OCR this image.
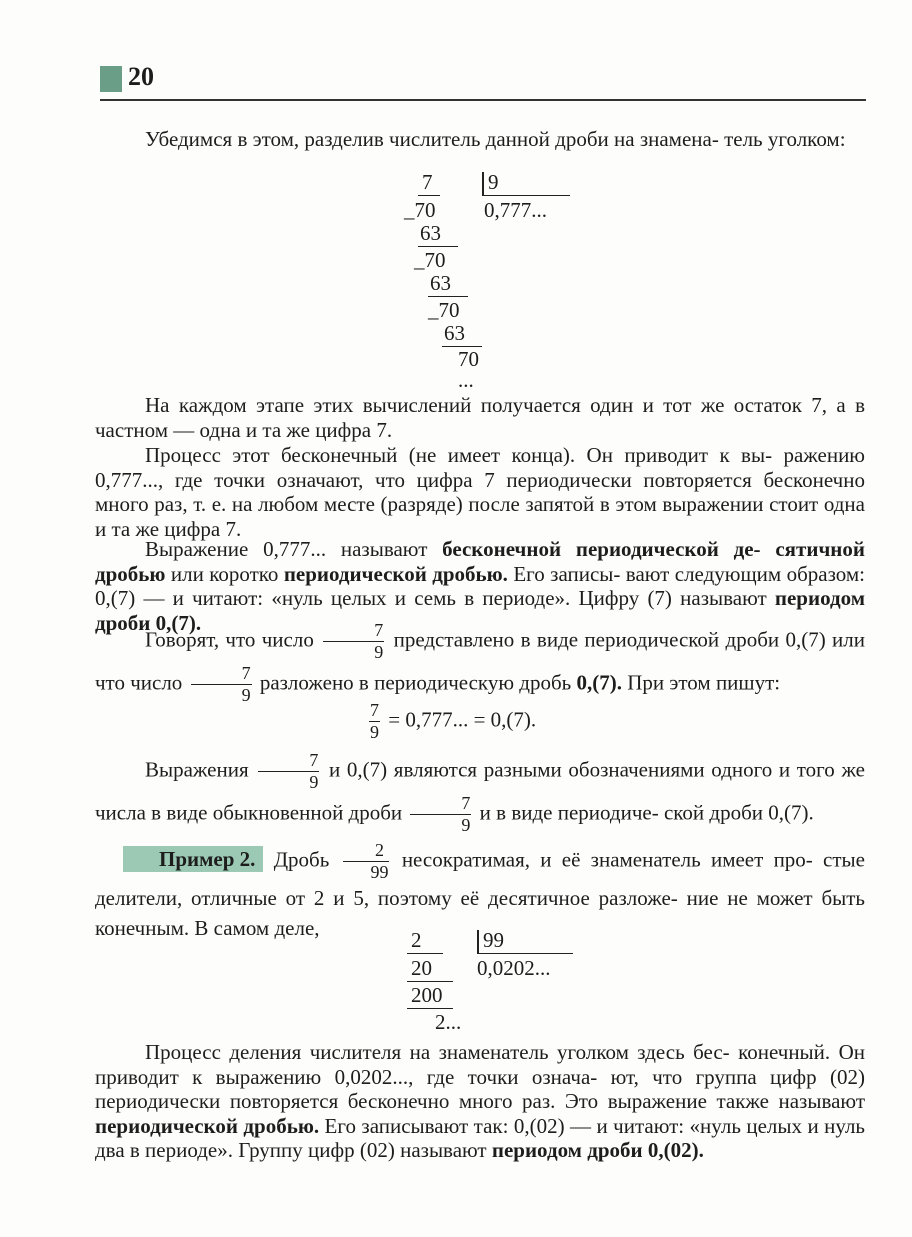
20
Убедимся в этом, разделив числитель данной дроби на знамена- тель уголком:
7	9
0,777...
_70
63
_70
63
_70
63
70
...
На каждом этапе этих вычислений получается один и тот же остаток 7, а в частном — одна и та же цифра 7.
Процесс этот бесконечный (не имеет конца). Он приводит к вы- ражению 0,777..., где точки означают, что цифра 7 периодически повторяется бесконечно много раз, т. е. на любом месте (разряде) после запятой в этом выражении стоит одна и та же цифра 7.
Выражение 0,777... называют бесконечной периодической де- сятичной дробью или коротко периодической дробью. Его записы- вают следующим образом: 0,(7) — и читают: «нуль целых и семь в периоде». Цифру (7) называют периодом дроби 0,(7).
Говорят, что число $\frac{7}{9}$ представлено в виде периодической дроби 0,(7) или что число $\frac{7}{9}$ разложено в периодическую дробь 0,(7). При этом пишут:
$\frac{7}{9} = 0,777$... = 0,(7).
Выражения $\frac{7}{9}$ и 0,(7) являются разными обозначениями одного и того же числа в виде обыкновенной дроби $\frac{7}{9}$ и в виде периодиче- ской дроби 0,(7).
Пример 2. Дробь $\frac{2}{99}$ несократимая, и её знаменатель имеет про- стые делители, отличные от 2 и 5, поэтому её десятичное разложе- ние не может быть конечным. В самом деле,	2	99
0,0202...
20
200
2...
Процесс деления числителя на знаменатель уголком здесь бес- конечный. Он приводит к выражению 0,0202..., где точки означа- ют, что группа цифр (02) периодически повторяется бесконечно много раз. Это выражение также называют периодической дробью. Его записывают так: 0,(02) — и читают: «нуль целых и нуль два в периоде». Группу цифр (02) называют периодом дроби 0,(02).
